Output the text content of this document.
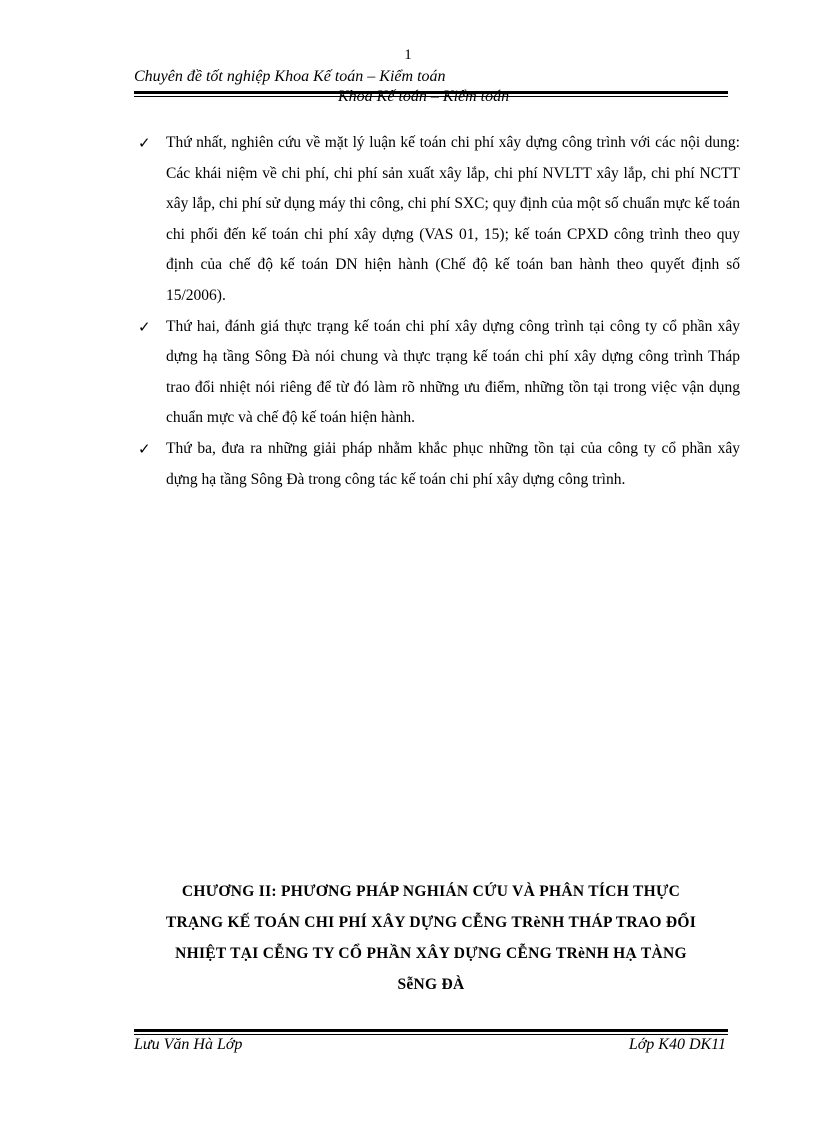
1
Chuyên đề tốt nghiệp Khoa Kế toán – Kiểm toán
Khoa Kế toán – Kiểm toán
✓ Thứ nhất, nghiên cứu về mặt lý luận kế toán chi phí xây dựng công trình với các nội dung: Các khái niệm về chi phí, chi phí sản xuất xây lắp, chi phí NVLTT xây lắp, chi phí NCTT xây lắp, chi phí sử dụng máy thi công, chi phí SXC; quy định của một số chuẩn mực kế toán chi phối đến kế toán chi phí xây dựng (VAS 01, 15); kế toán CPXD công trình theo quy định của chế độ kế toán DN hiện hành (Chế độ kế toán ban hành theo quyết định số 15/2006).
✓ Thứ hai, đánh giá thực trạng kế toán chi phí xây dựng công trình tại công ty cổ phần xây dựng hạ tầng Sông Đà nói chung và thực trạng kế toán chi phí xây dựng công trình Tháp trao đổi nhiệt nói riêng để từ đó làm rõ những ưu điểm, những tồn tại trong việc vận dụng chuẩn mực và chế độ kế toán hiện hành.
✓ Thứ ba, đưa ra những giải pháp nhằm khắc phục những tồn tại của công ty cổ phần xây dựng hạ tầng Sông Đà trong công tác kế toán chi phí xây dựng công trình.
CHƯƠNG II: PHƯƠNG PHÁP NGHIÁN CỨU VÀ PHÂN TÍCH THỰC
TRẠNG KẾ TOÁN CHI PHÍ XÂY DỰNG CỄNG TRèNH THÁP TRAO ĐỔI
NHIỆT TẠI CỄNG TY CỔ PHẦN XÂY DỰNG CỄNG TRèNH HẠ TÀNG
SễNG ĐÀ
Lưu Văn Hà Lớp	Lớp K40 DK11
